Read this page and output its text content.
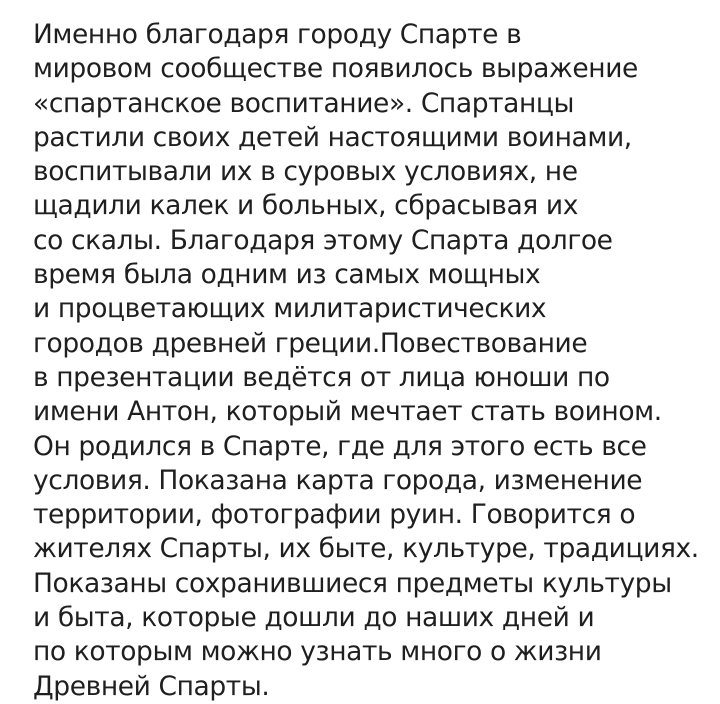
Именно благодаря городу Спарте в
мировом сообществе появилось выражение
«спартанское воспитание». Спартанцы
растили своих детей настоящими воинами,
воспитывали их в суровых условиях, не
щадили калек и больных, сбрасывая их
со скалы. Благодаря этому Спарта долгое
время была одним из самых мощных
и процветающих милитаристических
городов древней греции.Повествование
в презентации ведётся от лица юноши по
имени Антон, который мечтает стать воином.
Он родился в Спарте, где для этого есть все
условия. Показана карта города, изменение
территории, фотографии руин. Говорится о
жителях Спарты, их быте, культуре, традициях.
Показаны сохранившиеся предметы культуры
и быта, которые дошли до наших дней и
по которым можно узнать много о жизни
Древней Спарты.
